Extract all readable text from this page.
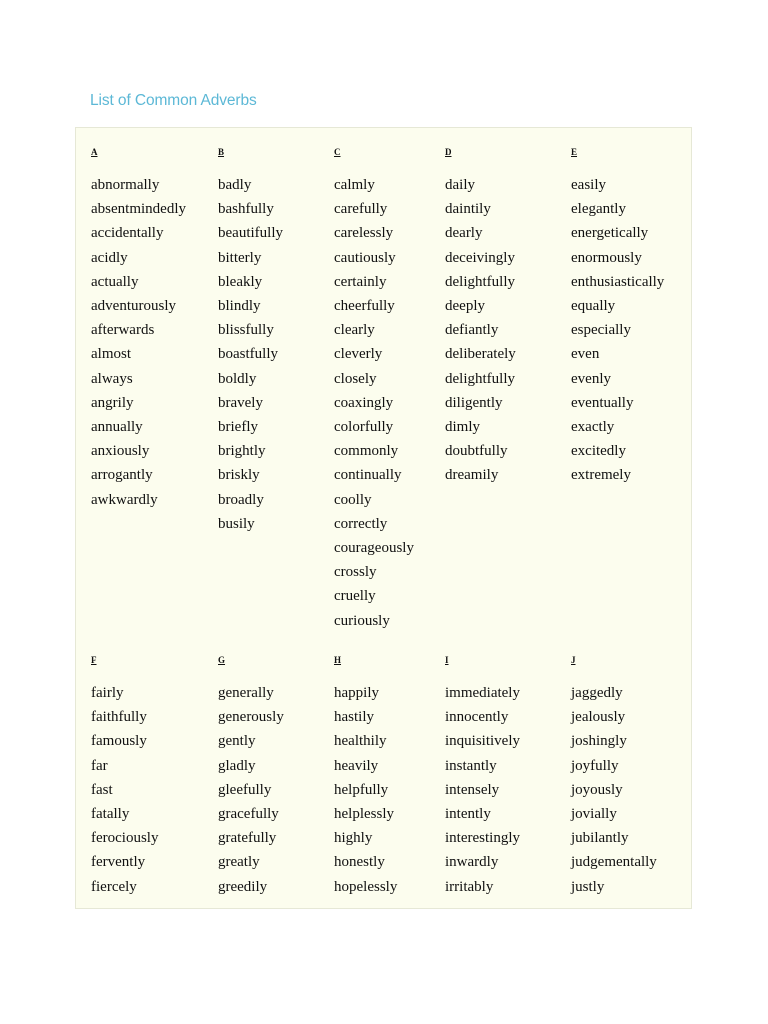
List of Common Adverbs
A
abnormally
absentmindedly
accidentally
acidly
actually
adventurously
afterwards
almost
always
angrily
annually
anxiously
arrogantly
awkwardly
B
badly
bashfully
beautifully
bitterly
bleakly
blindly
blissfully
boastfully
boldly
bravely
briefly
brightly
briskly
broadly
busily
C
calmly
carefully
carelessly
cautiously
certainly
cheerfully
clearly
cleverly
closely
coaxingly
colorfully
commonly
continually
coolly
correctly
courageously
crossly
cruelly
curiously
D
daily
daintily
dearly
deceivingly
delightfully
deeply
defiantly
deliberately
delightfully
diligently
dimly
doubtfully
dreamily
E
easily
elegantly
energetically
enormously
enthusiastically
equally
especially
even
evenly
eventually
exactly
excitedly
extremely
F
fairly
faithfully
famously
far
fast
fatally
ferociously
fervently
fiercely
G
generally
generously
gently
gladly
gleefully
gracefully
gratefully
greatly
greedily
H
happily
hastily
healthily
heavily
helpfully
helplessly
highly
honestly
hopelessly
I
immediately
innocently
inquisitively
instantly
intensely
intently
interestingly
inwardly
irritably
J
jaggedly
jealously
joshingly
joyfully
joyously
jovially
jubilantly
judgementally
justly
